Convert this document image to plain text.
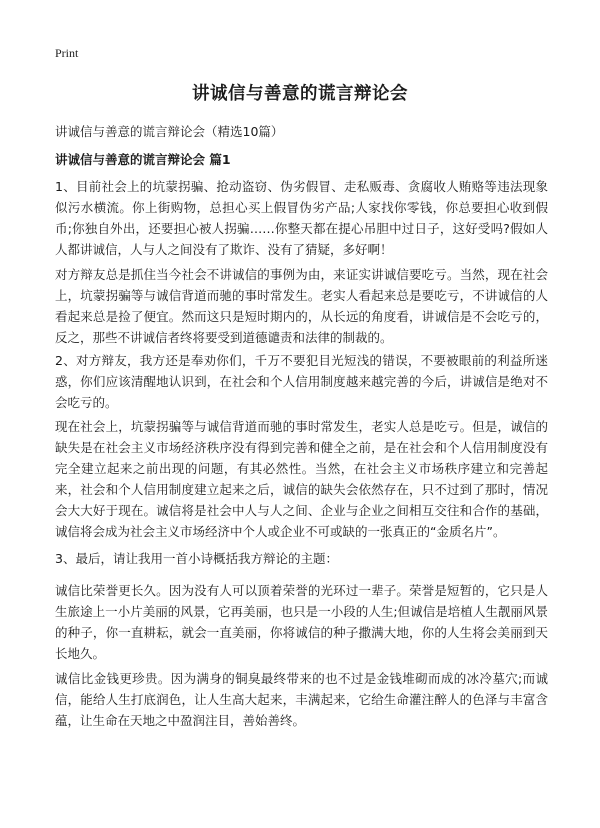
Print
讲诚信与善意的谎言辩论会

讲诚信与善意的谎言辩论会（精选10篇）

讲诚信与善意的谎言辩论会 篇1

1、目前社会上的坑蒙拐骗、抢动盗窃、伪劣假冒、走私贩毒、贪腐收人贿赂等违法现象似污水横流。你上街购物，总担心买上假冒伪劣产品;人家找你零钱，你总要担心收到假币;你独自外出，还要担心被人拐骗……你整天都在提心吊胆中过日子，这好受吗?假如人人都讲诚信，人与人之间没有了欺诈、没有了猜疑，多好啊！

对方辩友总是抓住当今社会不讲诚信的事例为由，来证实讲诚信要吃亏。当然，现在社会上，坑蒙拐骗等与诚信背道而驰的事时常发生。老实人看起来总是要吃亏，不讲诚信的人看起来总是捡了便宜。然而这只是短时期内的，从长远的角度看，讲诚信是不会吃亏的，反之，那些不讲诚信者终将要受到道德谴责和法律的制裁的。

2、对方辩友，我方还是奉劝你们，千万不要犯目光短浅的错误，不要被眼前的利益所迷惑，你们应该清醒地认识到，在社会和个人信用制度越来越完善的今后，讲诚信是绝对不会吃亏的。

现在社会上，坑蒙拐骗等与诚信背道而驰的事时常发生，老实人总是吃亏。但是，诚信的缺失是在社会主义市场经济秩序没有得到完善和健全之前，是在社会和个人信用制度没有完全建立起来之前出现的问题，有其必然性。当然，在社会主义市场秩序建立和完善起来，社会和个人信用制度建立起来之后，诚信的缺失会依然存在，只不过到了那时，情况会大大好于现在。诚信将是社会中人与人之间、企业与企业之间相互交往和合作的基础，诚信将会成为社会主义市场经济中个人或企业不可或缺的一张真正的“金质名片”。

3、最后，请让我用一首小诗概括我方辩论的主题：

诚信比荣誉更长久。因为没有人可以顶着荣誉的光环过一辈子。荣誉是短暂的，它只是人生旅途上一小片美丽的风景，它再美丽，也只是一小段的人生;但诚信是培植人生靓丽风景的种子，你一直耕耘，就会一直美丽，你将诚信的种子撒满大地，你的人生将会美丽到天长地久。

诚信比金钱更珍贵。因为满身的铜臭最终带来的也不过是金钱堆砌而成的冰冷墓穴;而诚信，能给人生打底润色，让人生高大起来，丰满起来，它给生命灌注醉人的色泽与丰富含蕴，让生命在天地之中盈润注目，善始善终。
